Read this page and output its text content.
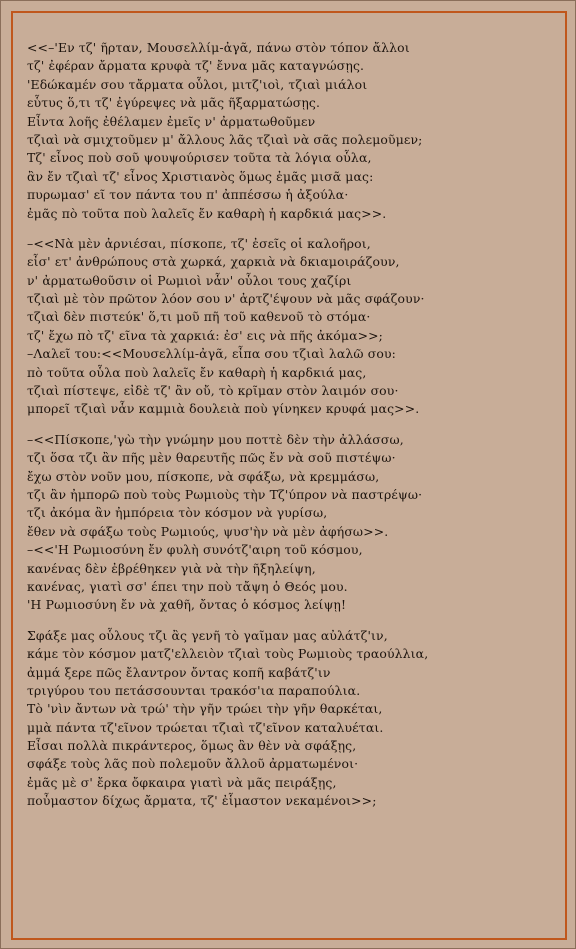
<<–'Εν τζ' ῆρταν, Μουσελλίμ-ἀγᾶ, πάνω στὸν τόπον ἄλλοι
τζ' ἐφέραν ἄρματα κρυφὰ τζ' ἔννα μᾶς καταγνώσῃς.
'Εδώκαμέν σου τἄρματα οὗλοι, μιτζ'ιοὶ, τζιαὶ μιάλοι
εὗτυς ὅ,τι τζ' ἐγύρεψες νὰ μᾶς ῆξαρματώσῃς.
Εἶντα λοῆς ἐθέλαμεν ἐμεῖς ν' ἀρματωθοῦμεν
τζιαὶ νὰ σμιχτοῦμεν μ' ἄλλους λᾶς τζιαὶ νὰ σᾶς πολεμοῦμεν;
Τζ' εἶνος ποὺ σοῦ ψουψούρισεν τοῦτα τὰ λόγια οὗλα,
ἂν ἔν τζιαὶ τζ' εἶνος Χριστιανὸς ὅμως ἐμᾶς μισᾶ μας:
πυρωμασ' εῖ τον πάντα του π' ἀππέσσω ἡ ἀξούλα·
ἐμᾶς πὸ τοῦτα ποὺ λαλεῖς ἔν καθαρὴ ἡ καρδκιά μας>>.
–<<Νὰ μὲν ἀρνιέσαι, πίσκοπε, τζ' ἐσεῖς οἱ καλοῆροι,
εἶσ' ετ' ἀνθρώπους στὰ χωρκά, χαρκιὰ νὰ δκιαμοιράζουν,
ν' ἀρματωθοῦσιν οἱ Ρωμιοὶ νἇν' οὗλοι τους χαζίρι
τζιαὶ μὲ τὸν πρῶτον λόον σου ν' ἀρτζ'έψουν νὰ μᾶς σφάζουν·
τζιαὶ δὲν πιστεύκ' ὅ,τι μοῦ πῆ τοῦ καθενοῦ τὸ στόμα·
τζ' ἔχω πὸ τζ' εῖνα τὰ χαρκιά: ἐσ' εις νὰ πῆς ἀκόμα>>;
–Λαλεῖ του:<<Μουσελλίμ-ἀγᾶ, εἶπα σου τζιαὶ λαλῶ σου:
πὸ τοῦτα οὗλα ποὺ λαλεῖς ἔν καθαρὴ ἡ καρδκιά μας,
τζιαὶ πίστεψε, εἰδὲ τζ' ἂν οὔ, τὸ κρῖμαν στὸν λαιμόν σου·
μπορεῖ τζιαὶ νἇν καμμιὰ δουλειὰ ποὺ γίνηκεν κρυφά μας>>.
–<<Πίσκοπε,'γὼ τὴν γνώμην μου ποττὲ δὲν τὴν ἀλλάσσω,
τζι ὅσα τζι ἂν πῆς μὲν θαρευτῆς πῶς ἔν νὰ σοῦ πιστέψω·
ἔχω στὸν νοῦν μου, πίσκοπε, νὰ σφάξω, νὰ κρεμμάσω,
τζι ἂν ἠμπορῶ ποὺ τοὺς Ρωμιοὺς τὴν Τζ'ύπρον νὰ παστρέψω·
τζι ἀκόμα ἂν ἠμπόρεια τὸν κόσμον νὰ γυρίσω,
ἔθεν νὰ σφάξω τοὺς Ρωμιούς, ψυσ'ὴν νὰ μὲν ἀφήσω>>.
–<<'Η Ρωμιοσύνη ἔν φυλὴ συνότζ'αιρη τοῦ κόσμου,
κανένας δὲν ἐβρέθηκεν γιὰ νὰ τὴν ῆξηλείψη,
κανένας, γιατὶ σσ' έπει την ποὺ τἄψη ὁ Θεός μου.
'Η Ρωμιοσύνη ἔν νὰ χαθῆ, ὄντας ὁ κόσμος λείψῃ!
Σφάξε μας οὗλους τζι ἂς γενῆ τὸ γαῖμαν μας αὐλάτζ'ιν,
κάμε τὸν κόσμον ματζ'ελλειὸν τζιαὶ τοὺς Ρωμιοὺς τραούλλια,
ἀμμά ξερε πῶς ἔλαντρον ὄντας κοπῆ καβάτζ'ιν
τριγύρου του πετάσσουνται τρακόσ'ια παραπούλια.
Τὸ 'νὶν ἄντων νὰ τρώ' τὴν γῆν τρώει τὴν γῆν θαρκέται,
μμὰ πάντα τζ'εῖνον τρώεται τζιαὶ τζ'εῖνον καταλυέται.
Εἶσαι πολλὰ πικράντερος, ὅμως ἂν θὲν νὰ σφάξῃς,
σφάξε τοὺς λᾶς ποὺ πολεμοῦν ἄλλοῦ ἀρματωμένοι·
ἐμᾶς μὲ σ' ἔρκα ὄφκαιρα γιατὶ νὰ μᾶς πειράξῃς,
ποὖμαστον δίχως ἄρματα, τζ' ἐἷμαστον νεκαμένοι>>;
